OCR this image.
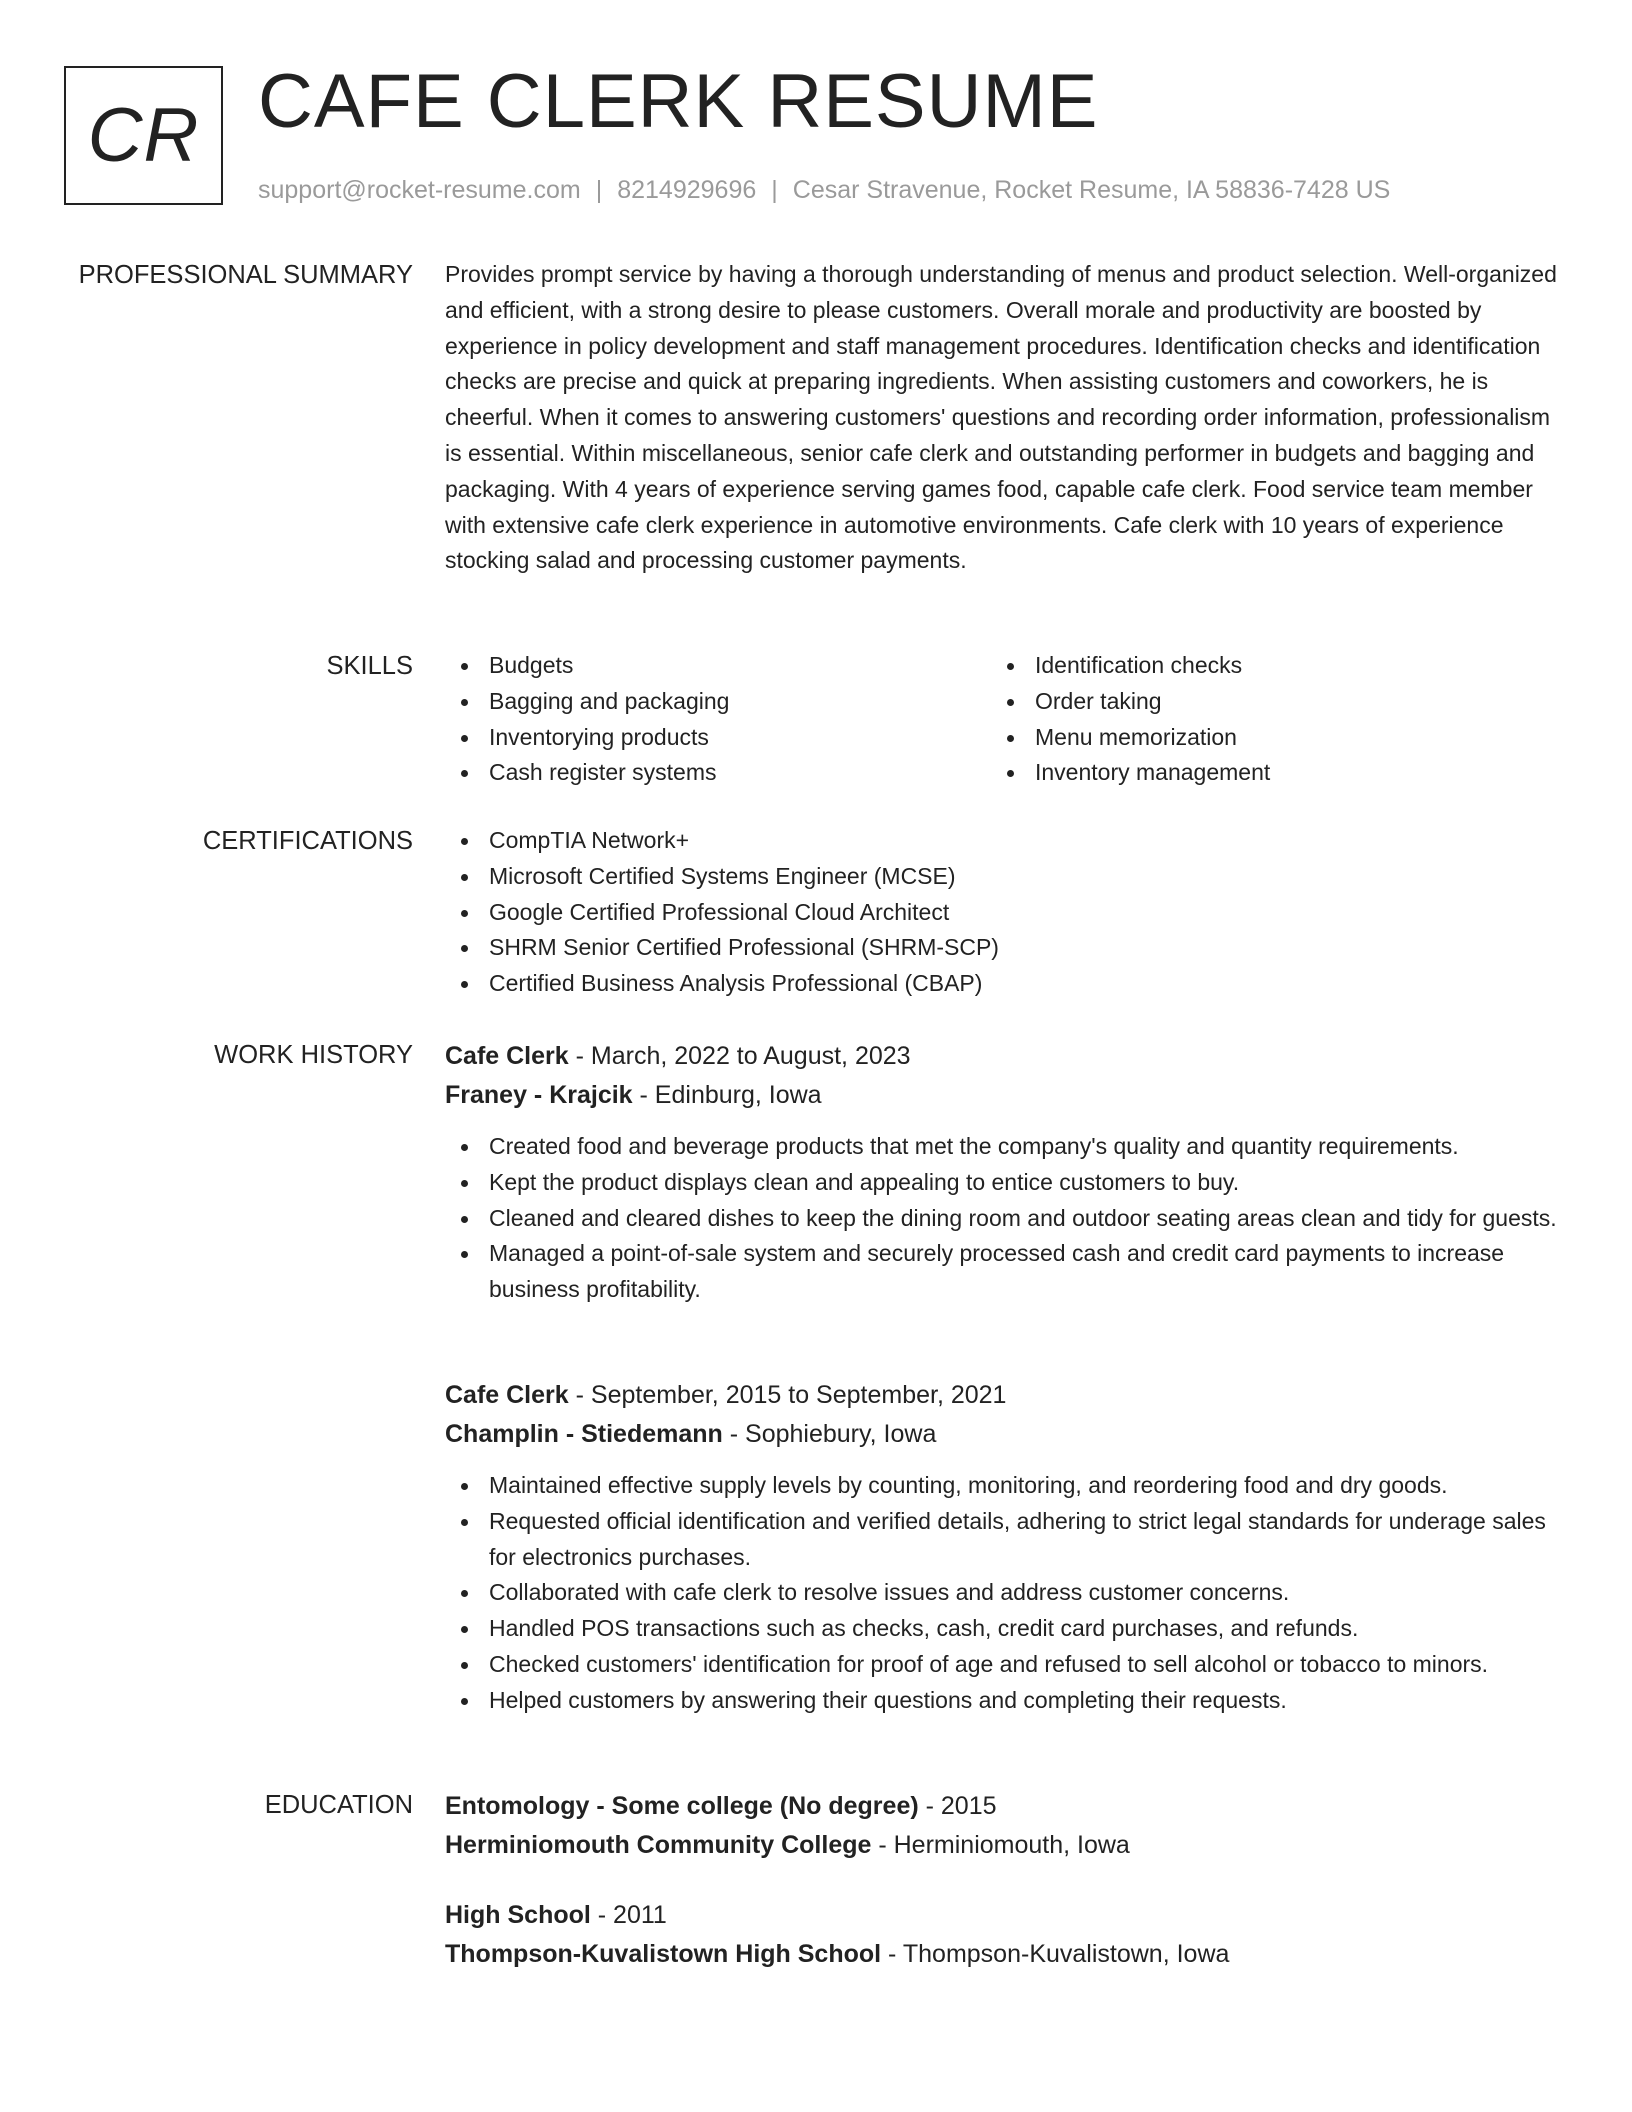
CR CAFE CLERK RESUME
support@rocket-resume.com | 8214929696 | Cesar Stravenue, Rocket Resume, IA 58836-7428 US
PROFESSIONAL SUMMARY Provides prompt service by having a thorough understanding of menus and product selection. Well-organized and efficient, with a strong desire to please customers. Overall morale and productivity are boosted by experience in policy development and staff management procedures. Identification checks and identification checks are precise and quick at preparing ingredients. When assisting customers and coworkers, he is cheerful. When it comes to answering customers' questions and recording order information, professionalism is essential. Within miscellaneous, senior cafe clerk and outstanding performer in budgets and bagging and packaging. With 4 years of experience serving games food, capable cafe clerk. Food service team member with extensive cafe clerk experience in automotive environments. Cafe clerk with 10 years of experience stocking salad and processing customer payments.

SKILLS	Budgets
Bagging and packaging
Inventorying products
Cash register systems
Identification checks
Order taking
Menu memorization
Inventory management
CERTIFICATIONS	CompTIA Network+
Microsoft Certified Systems Engineer (MCSE)
Google Certified Professional Cloud Architect
SHRM Senior Certified Professional (SHRM-SCP)
Certified Business Analysis Professional (CBAP)
WORK HISTORY Cafe Clerk - March, 2022 to August, 2023
Franey - Krajcik - Edinburg, Iowa
Created food and beverage products that met the company's quality and quantity requirements.
Kept the product displays clean and appealing to entice customers to buy.
Cleaned and cleared dishes to keep the dining room and outdoor seating areas clean and tidy for guests.
Managed a point-of-sale system and securely processed cash and credit card payments to increase business profitability.
Cafe Clerk - September, 2015 to September, 2021
Champlin - Stiedemann - Sophiebury, Iowa
Maintained effective supply levels by counting, monitoring, and reordering food and dry goods.
Requested official identification and verified details, adhering to strict legal standards for underage sales for electronics purchases.
Collaborated with cafe clerk to resolve issues and address customer concerns.
Handled POS transactions such as checks, cash, credit card purchases, and refunds.
Checked customers' identification for proof of age and refused to sell alcohol or tobacco to minors.
Helped customers by answering their questions and completing their requests.
EDUCATION Entomology - Some college (No degree) - 2015
Herminiomouth Community College - Herminiomouth, Iowa
High School - 2011
Thompson-Kuvalistown High School - Thompson-Kuvalistown, Iowa
